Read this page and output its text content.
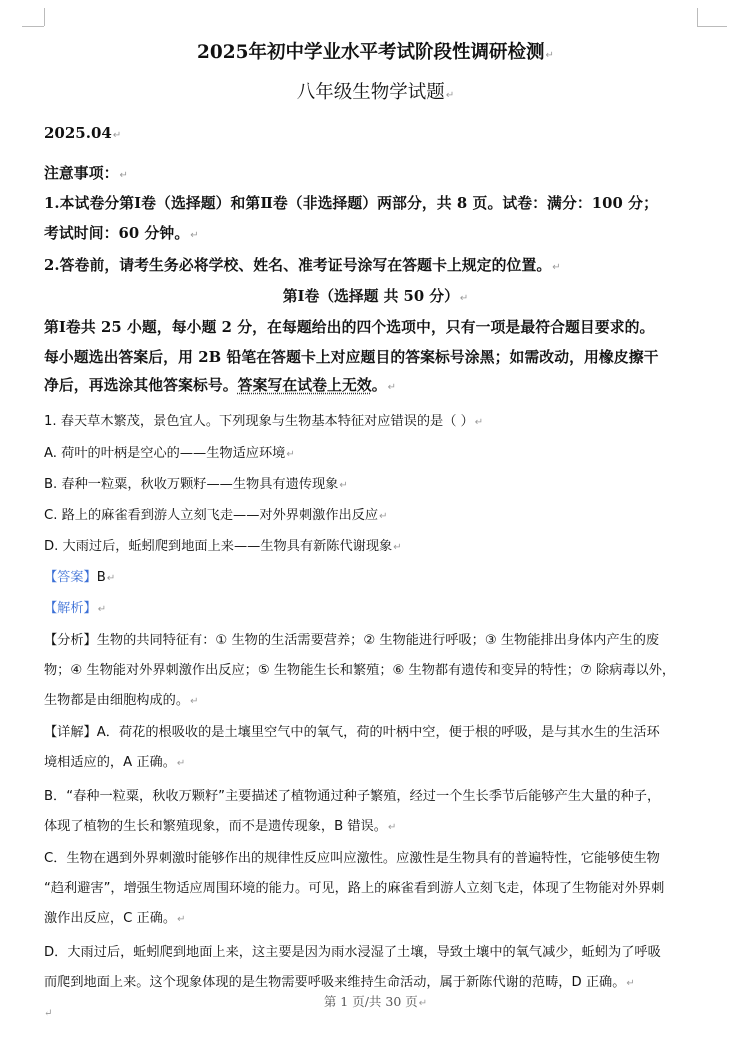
2025年初中学业水平考试阶段性调研检测↵
八年级生物学试题↵
2025.04↵
注意事项：↵
1.本试卷分第Ⅰ卷（选择题）和第Ⅱ卷（非选择题）两部分，共 8 页。试卷：满分：100 分；
考试时间：60 分钟。↵
2.答卷前，请考生务必将学校、姓名、准考证号涂写在答题卡上规定的位置。↵
第Ⅰ卷（选择题 共 50 分）↵
第Ⅰ卷共 25 小题，每小题 2 分，在每题给出的四个选项中，只有一项是最符合题目要求的。
每小题选出答案后，用 2B 铅笔在答题卡上对应题目的答案标号涂黑；如需改动，用橡皮擦干
净后，再选涂其他答案标号。答案写在试卷上无效。↵
1. 春天草木繁茂，景色宜人。下列现象与生物基本特征对应错误的是（ ）↵
A. 荷叶的叶柄是空心的——生物适应环境↵
B. 春种一粒粟，秋收万颗籽——生物具有遗传现象↵
C. 路上的麻雀看到游人立刻飞走——对外界刺激作出反应↵
D. 大雨过后，蚯蚓爬到地面上来——生物具有新陈代谢现象↵
【答案】B↵
【解析】↵
【分析】生物的共同特征有：① 生物的生活需要营养；② 生物能进行呼吸；③ 生物能排出身体内产生的废
物；④ 生物能对外界刺激作出反应；⑤ 生物能生长和繁殖；⑥ 生物都有遗传和变异的特性；⑦ 除病毒以外，
生物都是由细胞构成的。↵
【详解】A．荷花的根吸收的是土壤里空气中的氧气，荷的叶柄中空，便于根的呼吸，是与其水生的生活环
境相适应的，A 正确。↵
B．“春种一粒粟，秋收万颗籽”主要描述了植物通过种子繁殖，经过一个生长季节后能够产生大量的种子，
体现了植物的生长和繁殖现象，而不是遗传现象，B 错误。↵
C．生物在遇到外界刺激时能够作出的规律性反应叫应激性。应激性是生物具有的普遍特性，它能够使生物
“趋利避害”，增强生物适应周围环境的能力。可见，路上的麻雀看到游人立刻飞走，体现了生物能对外界刺
激作出反应，C 正确。↵
D．大雨过后，蚯蚓爬到地面上来，这主要是因为雨水浸湿了土壤，导致土壤中的氧气减少，蚯蚓为了呼吸
而爬到地面上来。这个现象体现的是生物需要呼吸来维持生命活动，属于新陈代谢的范畴，D 正确。↵
第 1 页/共 30 页↵
↵
